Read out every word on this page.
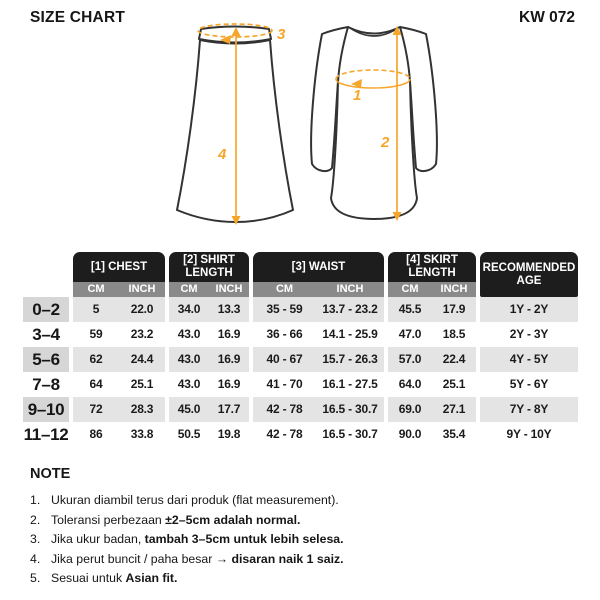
SIZE CHART	KW 072
3
4
1
2
[1] CHEST
[2] SHIRT LENGTH
[3] WAIST
[4] SKIRT LENGTH	RECOMMENDED AGE
CM	INCH	CM	INCH	CM	INCH	CM	INCH
0–2	5	22.0	34.0	13.3	35 - 59	13.7 - 23.2	45.5	17.9	1Y - 2Y
3–4	59	23.2	43.0	16.9	36 - 66	14.1 - 25.9	47.0	18.5	2Y - 3Y
5–6	62	24.4	43.0	16.9	40 - 67	15.7 - 26.3	57.0	22.4	4Y - 5Y
7–8	64	25.1	43.0	16.9	41 - 70	16.1 - 27.5	64.0	25.1	5Y - 6Y
9–10	72	28.3	45.0	17.7	42 - 78	16.5 - 30.7	69.0	27.1	7Y - 8Y
11–12	86	33.8	50.5	19.8	42 - 78	16.5 - 30.7	90.0	35.4	9Y - 10Y
NOTE
1. Ukuran diambil terus dari produk (flat measurement).
2. Toleransi perbezaan ±2–5cm adalah normal.
3. Jika ukur badan, tambah 3–5cm untuk lebih selesa.
4. Jika perut buncit / paha besar → disaran naik 1 saiz.
5. Sesuai untuk Asian fit.
